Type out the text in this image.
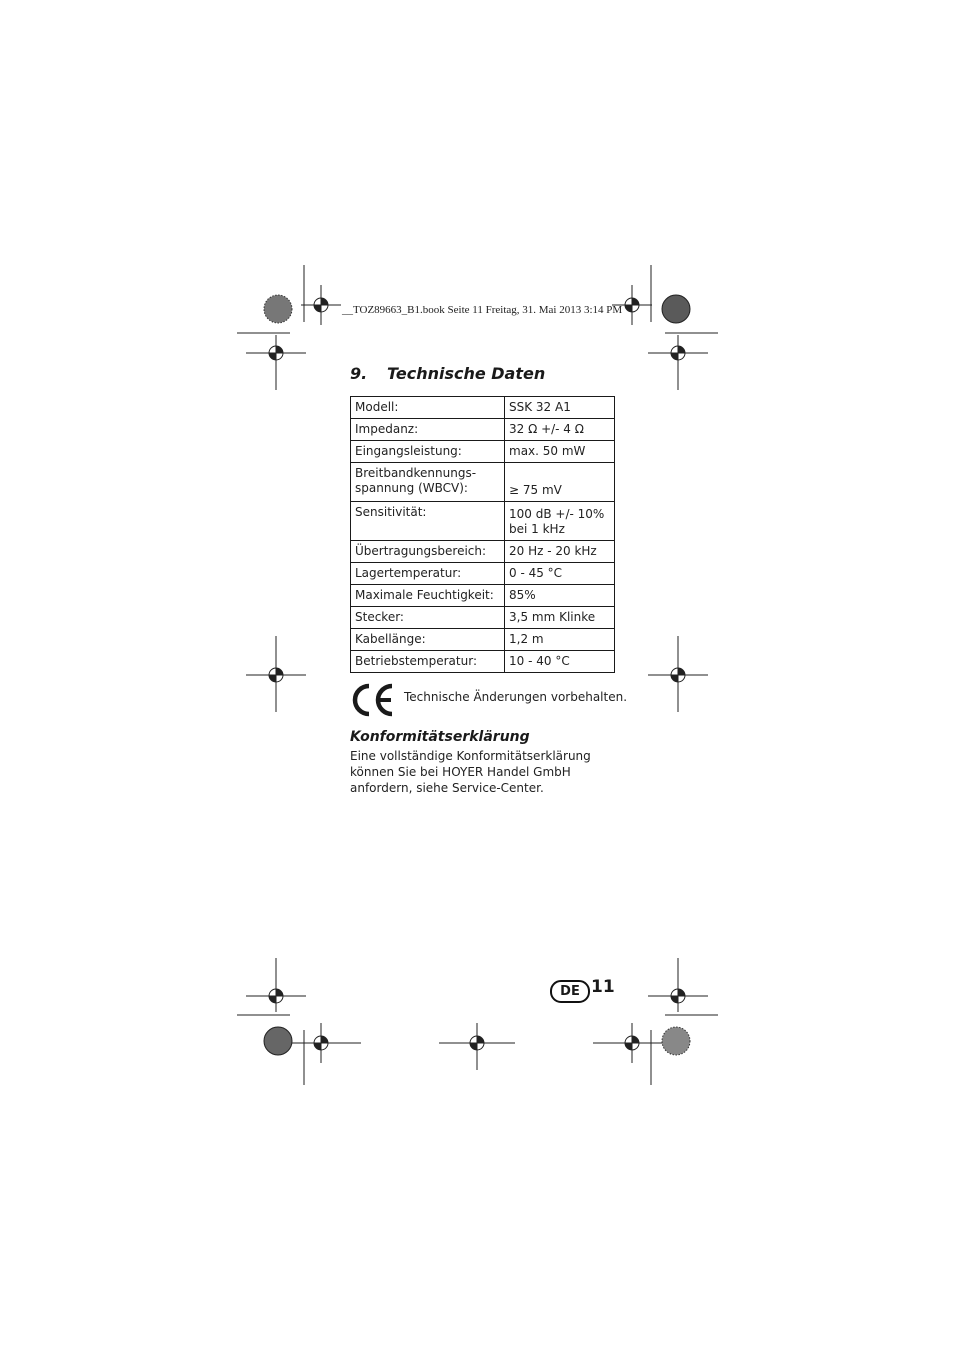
__TOZ89663_B1.book Seite 11 Freitag, 31. Mai 2013 3:14 PM
9. Technische Daten
Modell:	SSK 32 A1
Impedanz:	32 Ω +/- 4 Ω
Eingangsleistung:	max. 50 mW
Breitbandkennungs-
spannung (WBCV):	≥ 75 mV
Sensitivität:	100 dB +/- 10%
bei 1 kHz
Übertragungsbereich:	20 Hz - 20 kHz
Lagertemperatur:	0 - 45 °C
Maximale Feuchtigkeit:	85%
Stecker:	3,5 mm Klinke
Kabellänge:	1,2 m
Betriebstemperatur:	10 - 40 °C
Technische Änderungen vorbehalten.
Konformitätserklärung
Eine vollständige Konformitätserklärung können Sie bei HOYER Handel GmbH anfordern, siehe Service-Center.
DE 11
